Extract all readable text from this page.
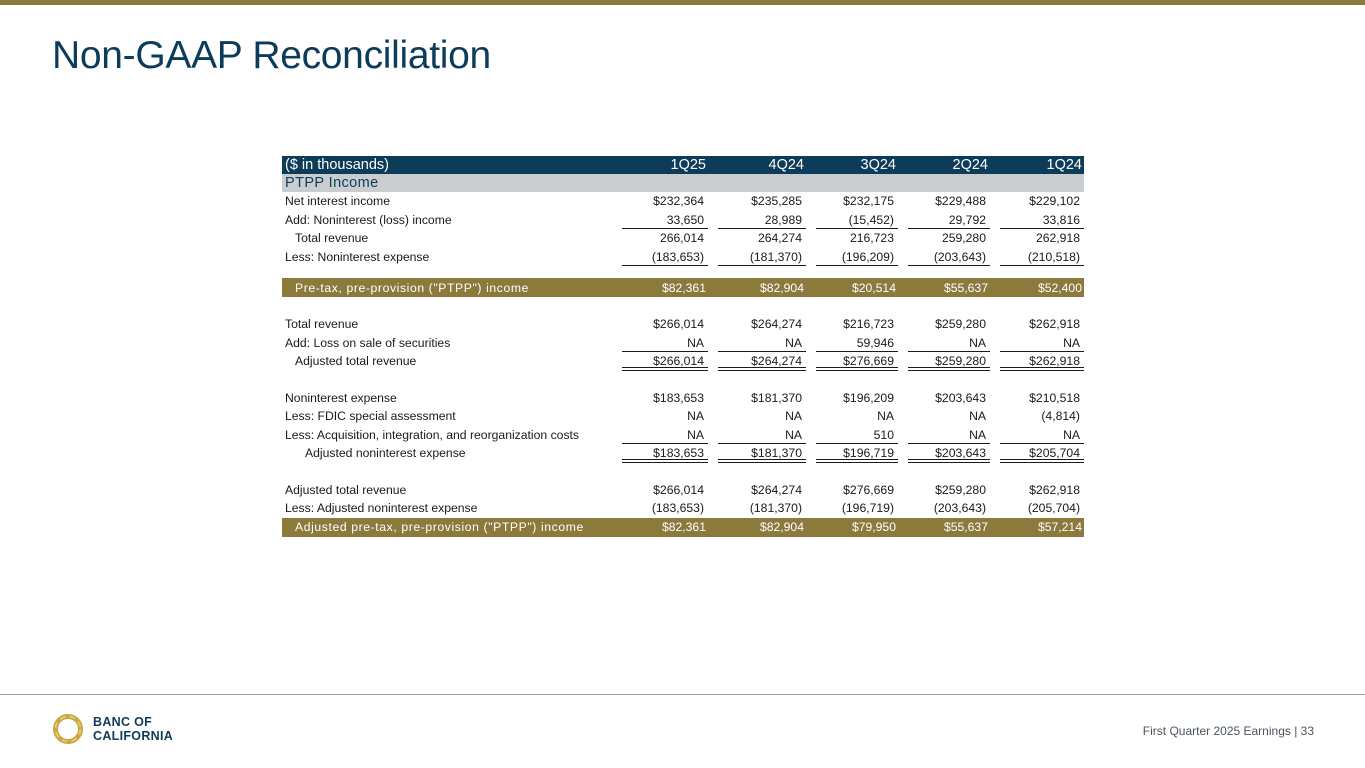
Non-GAAP Reconciliation
($ in thousands)	1Q25	4Q24	3Q24	2Q24	1Q24
PTPP Income					
Net interest income	$232,364	$235,285	$232,175	$229,488	$229,102
Add: Noninterest (loss) income	33,650	28,989	(15,452)	29,792	33,816
Total revenue	266,014	264,274	216,723	259,280	262,918
Less: Noninterest expense	(183,653)	(181,370)	(196,209)	(203,643)	(210,518)

Pre-tax, pre-provision ("PTPP") income	$82,361	$82,904	$20,514	$55,637	$52,400

Total revenue	$266,014	$264,274	$216,723	$259,280	$262,918
Add: Loss on sale of securities	NA	NA	59,946	NA	NA
Adjusted total revenue	$266,014	$264,274	$276,669	$259,280	$262,918

Noninterest expense	$183,653	$181,370	$196,209	$203,643	$210,518
Less: FDIC special assessment	NA	NA	NA	NA	(4,814)
Less: Acquisition, integration, and reorganization costs	NA	NA	510	NA	NA
Adjusted noninterest expense	$183,653	$181,370	$196,719	$203,643	$205,704

Adjusted total revenue	$266,014	$264,274	$276,669	$259,280	$262,918
Less: Adjusted noninterest expense	(183,653)	(181,370)	(196,719)	(203,643)	(205,704)
Adjusted pre-tax, pre-provision ("PTPP") income	$82,361	$82,904	$79,950	$55,637	$57,214
BANC OF
CALIFORNIA	First Quarter 2025 Earnings | 33
